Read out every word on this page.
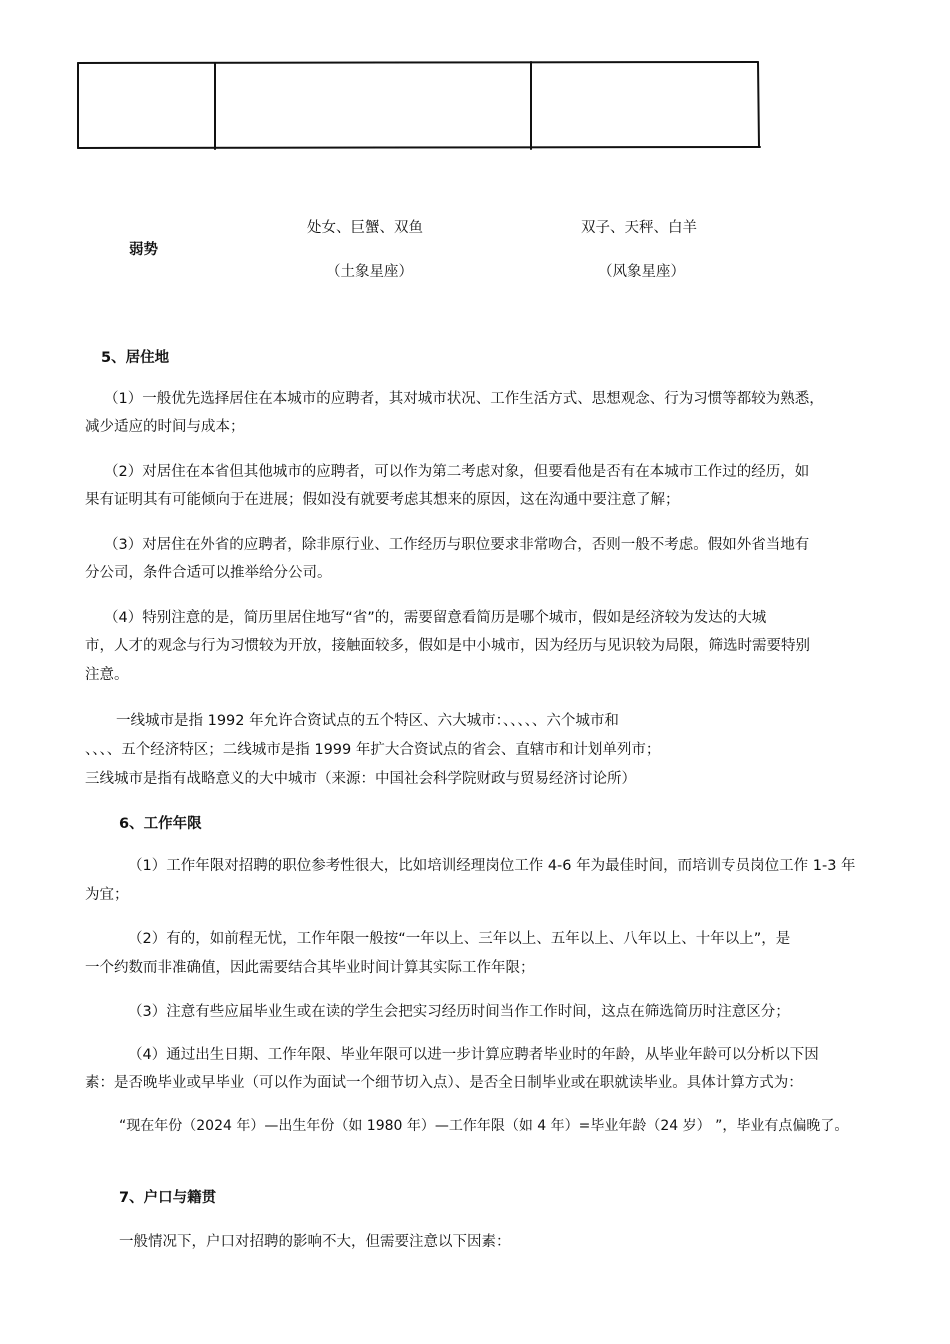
弱势
处女、巨蟹、双鱼
（土象星座）
双子、天秤、白羊
（风象星座）
5、居住地
（1）一般优先选择居住在本城市的应聘者，其对城市状况、工作生活方式、思想观念、行为习惯等都较为熟悉，
减少适应的时间与成本；
（2）对居住在本省但其他城市的应聘者，可以作为第二考虑对象，但要看他是否有在本城市工作过的经历，如
果有证明其有可能倾向于在进展；假如没有就要考虑其想来的原因，这在沟通中要注意了解；
（3）对居住在外省的应聘者，除非原行业、工作经历与职位要求非常吻合，否则一般不考虑。假如外省当地有
分公司，条件合适可以推举给分公司。
（4）特别注意的是，简历里居住地写“省”的，需要留意看简历是哪个城市，假如是经济较为发达的大城
市，人才的观念与行为习惯较为开放，接触面较多，假如是中小城市，因为经历与见识较为局限，筛选时需要特别
注意。
一线城市是指 1992 年允许合资试点的五个特区、六大城市：、、、、、六个城市和
、、、、五个经济特区；二线城市是指 1999 年扩大合资试点的省会、直辖市和计划单列市；
三线城市是指有战略意义的大中城市（来源：中国社会科学院财政与贸易经济讨论所）
6、工作年限
（1）工作年限对招聘的职位参考性很大，比如培训经理岗位工作 4-6 年为最佳时间，而培训专员岗位工作 1-3 年
为宜；
（2）有的，如前程无忧，工作年限一般按“一年以上、三年以上、五年以上、八年以上、十年以上”，是
一个约数而非准确值，因此需要结合其毕业时间计算其实际工作年限；
（3）注意有些应届毕业生或在读的学生会把实习经历时间当作工作时间，这点在筛选简历时注意区分；
（4）通过出生日期、工作年限、毕业年限可以进一步计算应聘者毕业时的年龄，从毕业年龄可以分析以下因
素：是否晚毕业或早毕业（可以作为面试一个细节切入点）、是否全日制毕业或在职就读毕业。具体计算方式为：
“现在年份（2024 年）—出生年份（如 1980 年）—工作年限（如 4 年）=毕业年龄（24 岁） ”，毕业有点偏晚了。
7、户口与籍贯
一般情况下，户口对招聘的影响不大，但需要注意以下因素：
